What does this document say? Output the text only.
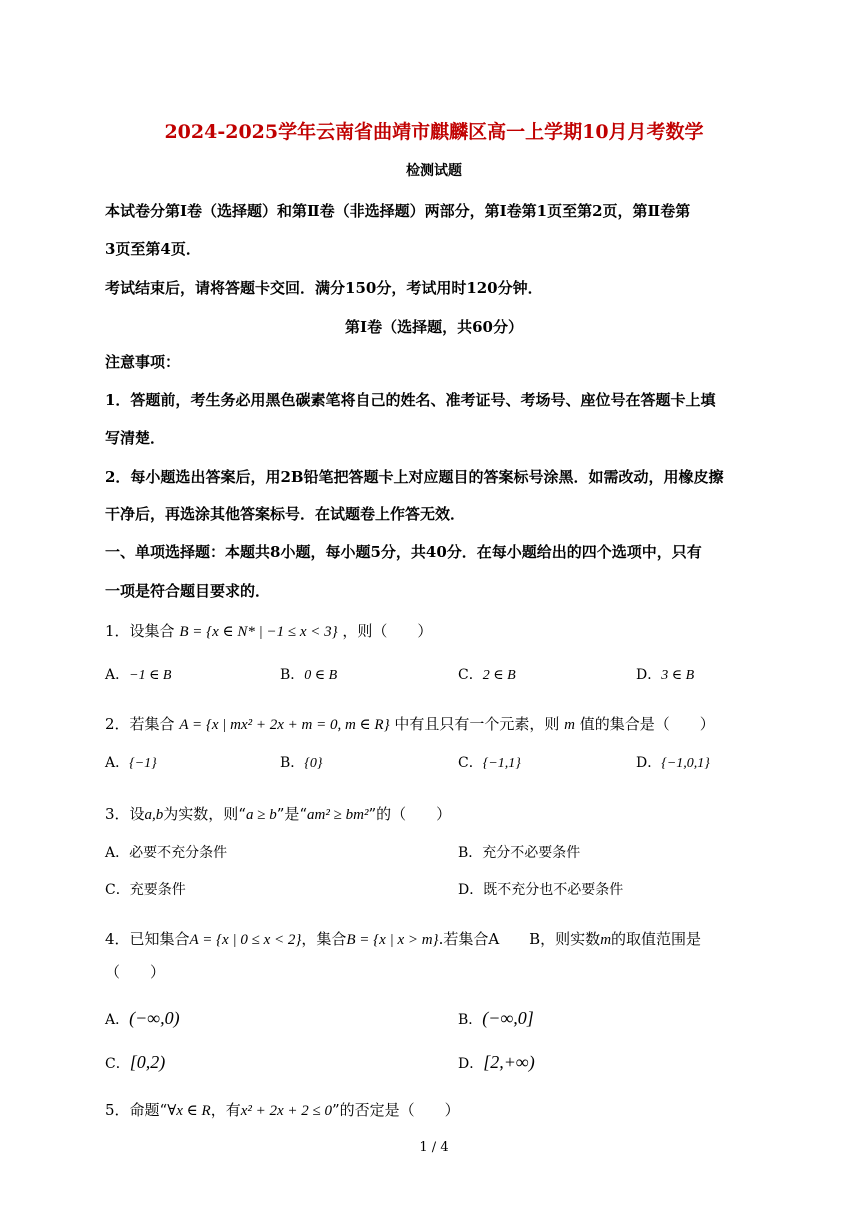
2024-2025学年云南省曲靖市麒麟区高一上学期10月月考数学
检测试题
本试卷分第Ⅰ卷（选择题）和第Ⅱ卷（非选择题）两部分，第Ⅰ卷第1页至第2页，第Ⅱ卷第
3页至第4页．
考试结束后，请将答题卡交回．满分150分，考试用时120分钟．
第Ⅰ卷（选择题，共60分）
注意事项：
1．答题前，考生务必用黑色碳素笔将自己的姓名、准考证号、考场号、座位号在答题卡上填
写清楚．
2．每小题选出答案后，用2B铅笔把答题卡上对应题目的答案标号涂黑．如需改动，用橡皮擦
干净后，再选涂其他答案标号．在试题卷上作答无效．
一、单项选择题：本题共8小题，每小题5分，共40分．在每小题给出的四个选项中，只有
一项是符合题目要求的．
1．设集合 B = {x ∈ N* | −1 ≤ x < 3} ，则（　　）
A．−1 ∈ B	B．0 ∈ B	C．2 ∈ B	D．3 ∈ B
2．若集合 A = {x | mx² + 2x + m = 0, m ∈ R} 中有且只有一个元素，则 m 值的集合是（　　）
A．{−1}	B．{0}	C．{−1,1}	D．{−1,0,1}
3．设a,b为实数，则“a ≥ b”是“am² ≥ bm²”的（　　）
A．必要不充分条件	B．充分不必要条件
C．充要条件	D．既不充分也不必要条件
4．已知集合A = {x | 0 ≤ x < 2}，集合B = {x | x > m}.若集合A　　B，则实数m的取值范围是
（　　）
A．(−∞,0)	B．(−∞,0]
C．[0,2)	D．[2,+∞)
5．命题“∀x ∈ R，有x² + 2x + 2 ≤ 0”的否定是（　　）
1 / 4
